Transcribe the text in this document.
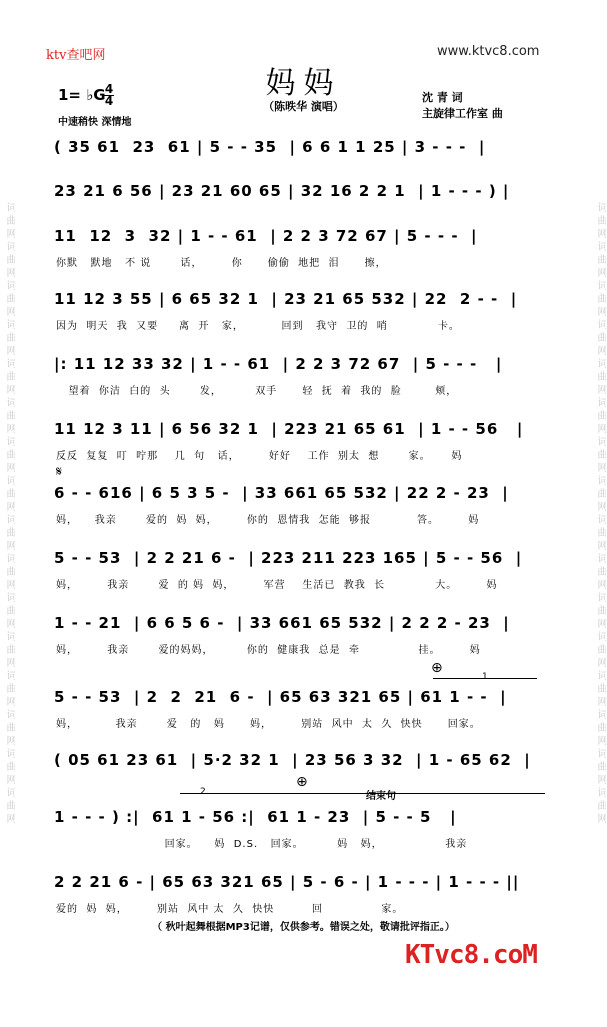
词曲网词曲网词曲网词曲网词曲网词曲网词曲网词曲网词曲网词曲网词曲网词曲网词曲网词曲网词曲网词曲网	词曲网词曲网词曲网词曲网词曲网词曲网词曲网词曲网词曲网词曲网词曲网词曲网词曲网词曲网词曲网词曲网
ktv查吧网	www.ktvc8.com
妈妈
（陈昳华 演唱）
1= ♭G 4
4
中速稍快 深情地
沈 青 词
主旋律工作室 曲
( 35 61  23  61 | 5 - - 35  | 6 6 1 1 25 | 3 - - -  |
23 21 6 56 | 23 21 60 65 | 32 16 2 2 1  | 1 - - - ) |
11  12  3  32 | 1 - - 61  | 2 2 3 72 67 | 5 - - -  |
你默   默地   不 说       话，       你      偷偷  地把  泪      擦，
11 12 3 55 | 6 65 32 1  | 23 21 65 532 | 22  2 - -  |
因为  明天  我  又要     离  开   家，         回到   我守  卫的  哨            卡。
|: 11 12 33 32 | 1 - - 61  | 2 2 3 72 67  | 5 - - -   |
望着  你洁  白的  头       发，        双手      轻  抚  着  我的  脸        颊，
11 12 3 11 | 6 56 32 1  | 223 21 65 61  | 1 - - 56   |
反反  复复  叮  咛那    几  句   话，       好好    工作  别太  想       家。     妈
6 - - 616 | 6 5 3 5 -  | 33 661 65 532 | 22 2 - 23  |
妈，    我亲       爱的  妈  妈，       你的  恩情我  怎能  够报           答。       妈
5 - - 53  | 2 2 21 6 -  | 223 211 223 165 | 5 - - 56  |
妈，       我亲       爱  的 妈  妈，       军营    生活已  教我  长            大。       妈
1 - - 21  | 6 6 5 6 -  | 33 661 65 532 | 2 2 2 - 23  |
妈，       我亲       爱的妈妈，        你的  健康我  总是  牵              挂。       妈
5 - - 53  | 2  2  21  6 -  | 65 63 321 65 | 61 1 - -  |
妈，         我亲       爱   的   妈      妈，       别站  风中  太  久  快快      回家。
( 05 61 23 61  | 5·2 32 1  | 23 56 3 32  | 1 - 65 62  |
1 - - - ) :|  61 1 - 56 :|  61 1 - 23  | 5 - - 5   |
回家。    妈  D.S.   回家。        妈   妈，               我亲
2 2 21 6 - | 65 63 321 65 | 5 - 6 - | 1 - - - | 1 - - - ||
爱的  妈  妈，       别站  风中 太  久  快快         回              家。
𝄋
⊕
⊕
1
2	结束句
（ 秋叶起舞根据MP3记谱，仅供参考。错误之处，敬请批评指正。）
KTvc8.coM
